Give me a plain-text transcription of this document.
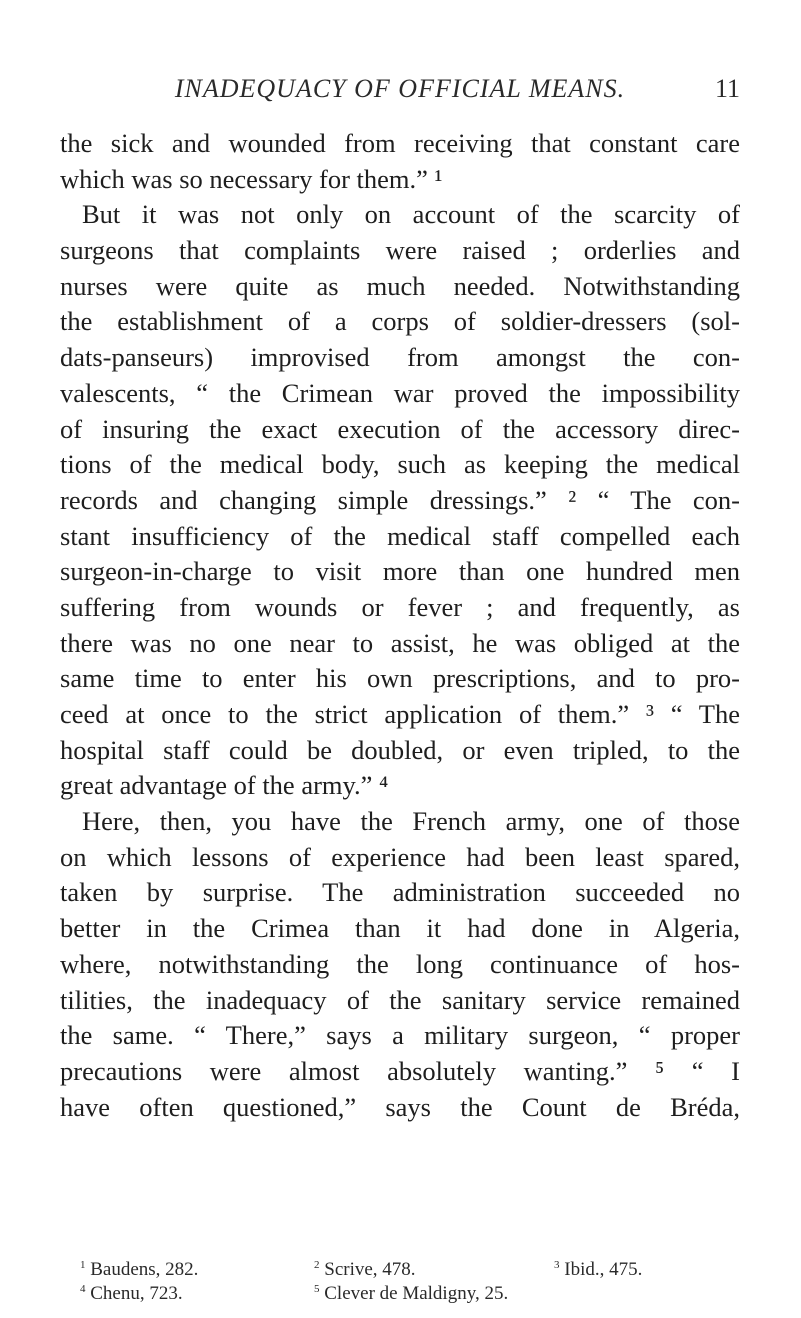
INADEQUACY OF OFFICIAL MEANS.	11
the sick and wounded from receiving that constant care
which was so necessary for them.” ¹
But it was not only on account of the scarcity of
surgeons that complaints were raised ; orderlies and
nurses were quite as much needed. Notwithstanding
the establishment of a corps of soldier-dressers (sol-
dats-panseurs) improvised from amongst the con-
valescents, “ the Crimean war proved the impossibility
of insuring the exact execution of the accessory direc-
tions of the medical body, such as keeping the medical
records and changing simple dressings.” ² “ The con-
stant insufficiency of the medical staff compelled each
surgeon-in-charge to visit more than one hundred men
suffering from wounds or fever ; and frequently, as
there was no one near to assist, he was obliged at the
same time to enter his own prescriptions, and to pro-
ceed at once to the strict application of them.” ³ “ The
hospital staff could be doubled, or even tripled, to the
great advantage of the army.” ⁴
Here, then, you have the French army, one of those
on which lessons of experience had been least spared,
taken by surprise. The administration succeeded no
better in the Crimea than it had done in Algeria,
where, notwithstanding the long continuance of hos-
tilities, the inadequacy of the sanitary service remained
the same. “ There,” says a military surgeon, “ proper
precautions were almost absolutely wanting.” ⁵ “ I
have often questioned,” says the Count de Bréda,
$^1$ Baudens, 282.	$^2$ Scrive, 478.	$^3$ Ibid., 475.
$^4$ Chenu, 723.	$^5$ Clever de Maldigny, 25.
